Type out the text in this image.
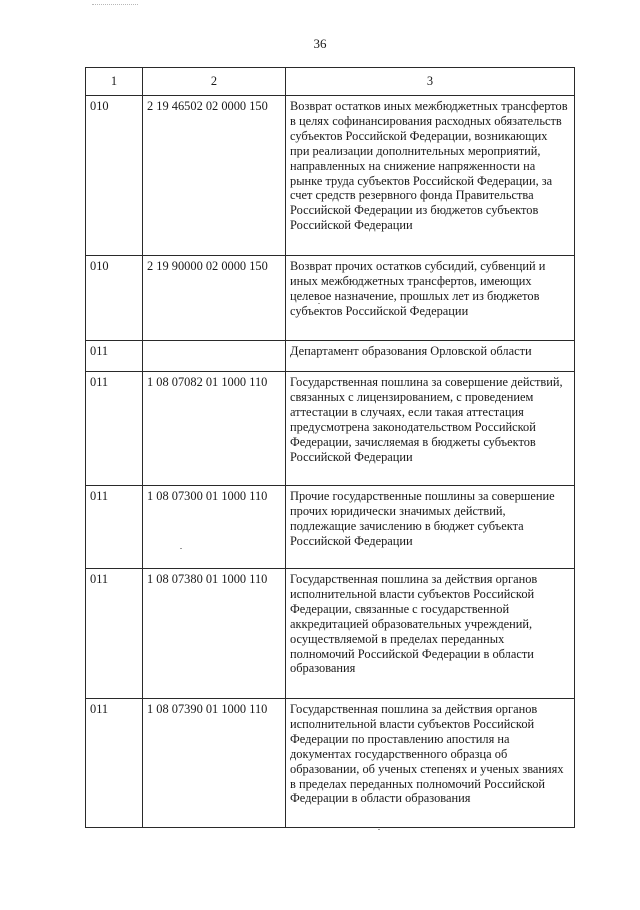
36
1	2	3
010	2 19 46502 02 0000 150	Возврат остатков иных межбюджетных трансфертов в целях софинансирования расходных обязательств субъектов Российской Федерации, возникающих при реализации дополнительных мероприятий, направленных на снижение напряженности на рынке труда субъектов Российской Федерации, за счет средств резервного фонда Правительства Российской Федерации из бюджетов субъектов Российской Федерации
010	2 19 90000 02 0000 150	Возврат прочих остатков субсидий, субвенций и иных межбюджетных трансфертов, имеющих целевое назначение, прошлых лет из бюджетов субъектов Российской Федерации
011		Департамент образования Орловской области
011	1 08 07082 01 1000 110	Государственная пошлина за совершение действий, связанных с лицензированием, с проведением аттестации в случаях, если такая аттестация предусмотрена законодательством Российской Федерации, зачисляемая в бюджеты субъектов Российской Федерации
011	1 08 07300 01 1000 110	Прочие государственные пошлины за совершение прочих юридически значимых действий, подлежащие зачислению в бюджет субъекта Российской Федерации
011	1 08 07380 01 1000 110	Государственная пошлина за действия органов исполнительной власти субъектов Российской Федерации, связанные с государственной аккредитацией образовательных учреждений, осуществляемой в пределах переданных полномочий Российской Федерации в области образования
011	1 08 07390 01 1000 110	Государственная пошлина за действия органов исполнительной власти субъектов Российской Федерации по проставлению апостиля на документах государственного образца об образовании, об ученых степенях и ученых званиях в пределах переданных полномочий Российской Федерации в области образования
